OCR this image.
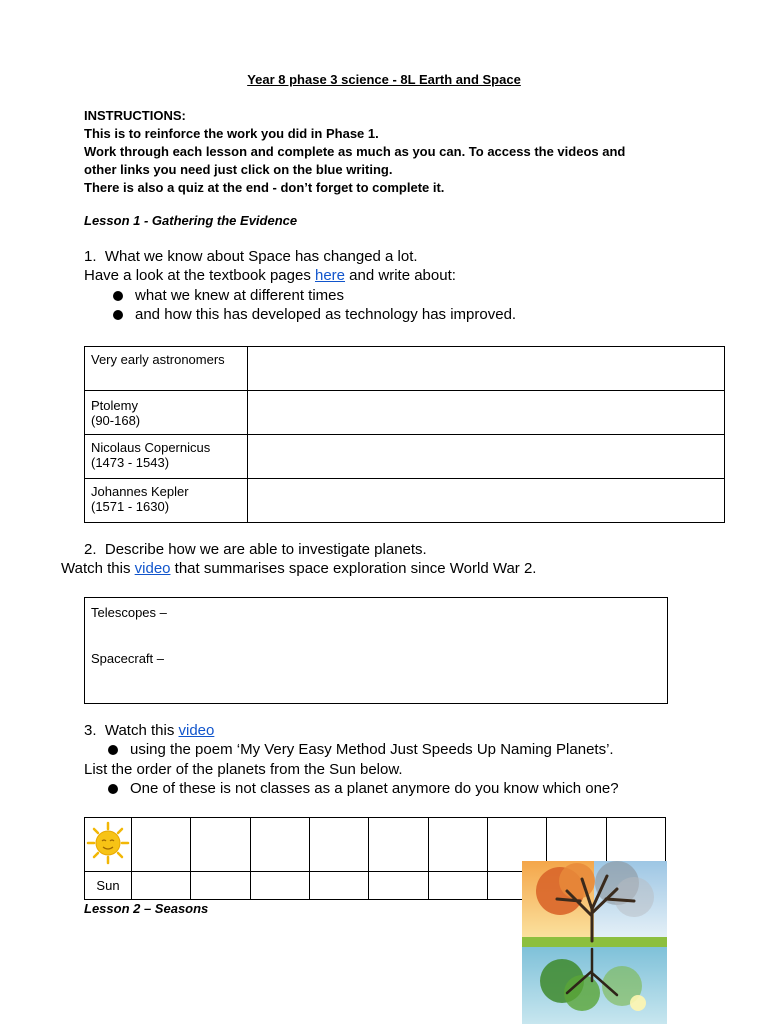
Year 8 phase 3 science - 8L Earth and Space
INSTRUCTIONS:
This is to reinforce the work you did in Phase 1.
Work through each lesson and complete as much as you can. To access the videos and
other links you need just click on the blue writing.
There is also a quiz at the end - don’t forget to complete it.
Lesson 1 - Gathering the Evidence
1. What we know about Space has changed a lot.
Have a look at the textbook pages here and write about:
what we knew at different times
and how this has developed as technology has improved.
Very early astronomers	

Ptolemy
(90-168)	

Nicolaus Copernicus
(1473 - 1543)	

Johannes Kepler
(1571 - 1630)	

2. Describe how we are able to investigate planets.
Watch this video that summarises space exploration since World War 2.
Telescopes –
Spacecraft –
3. Watch this video
using the poem ‘My Very Easy Method Just Speeds Up Naming Planets’.
List the order of the planets from the Sun below.
One of these is not classes as a planet anymore do you know which one?

Sun									
Lesson 2 – Seasons
